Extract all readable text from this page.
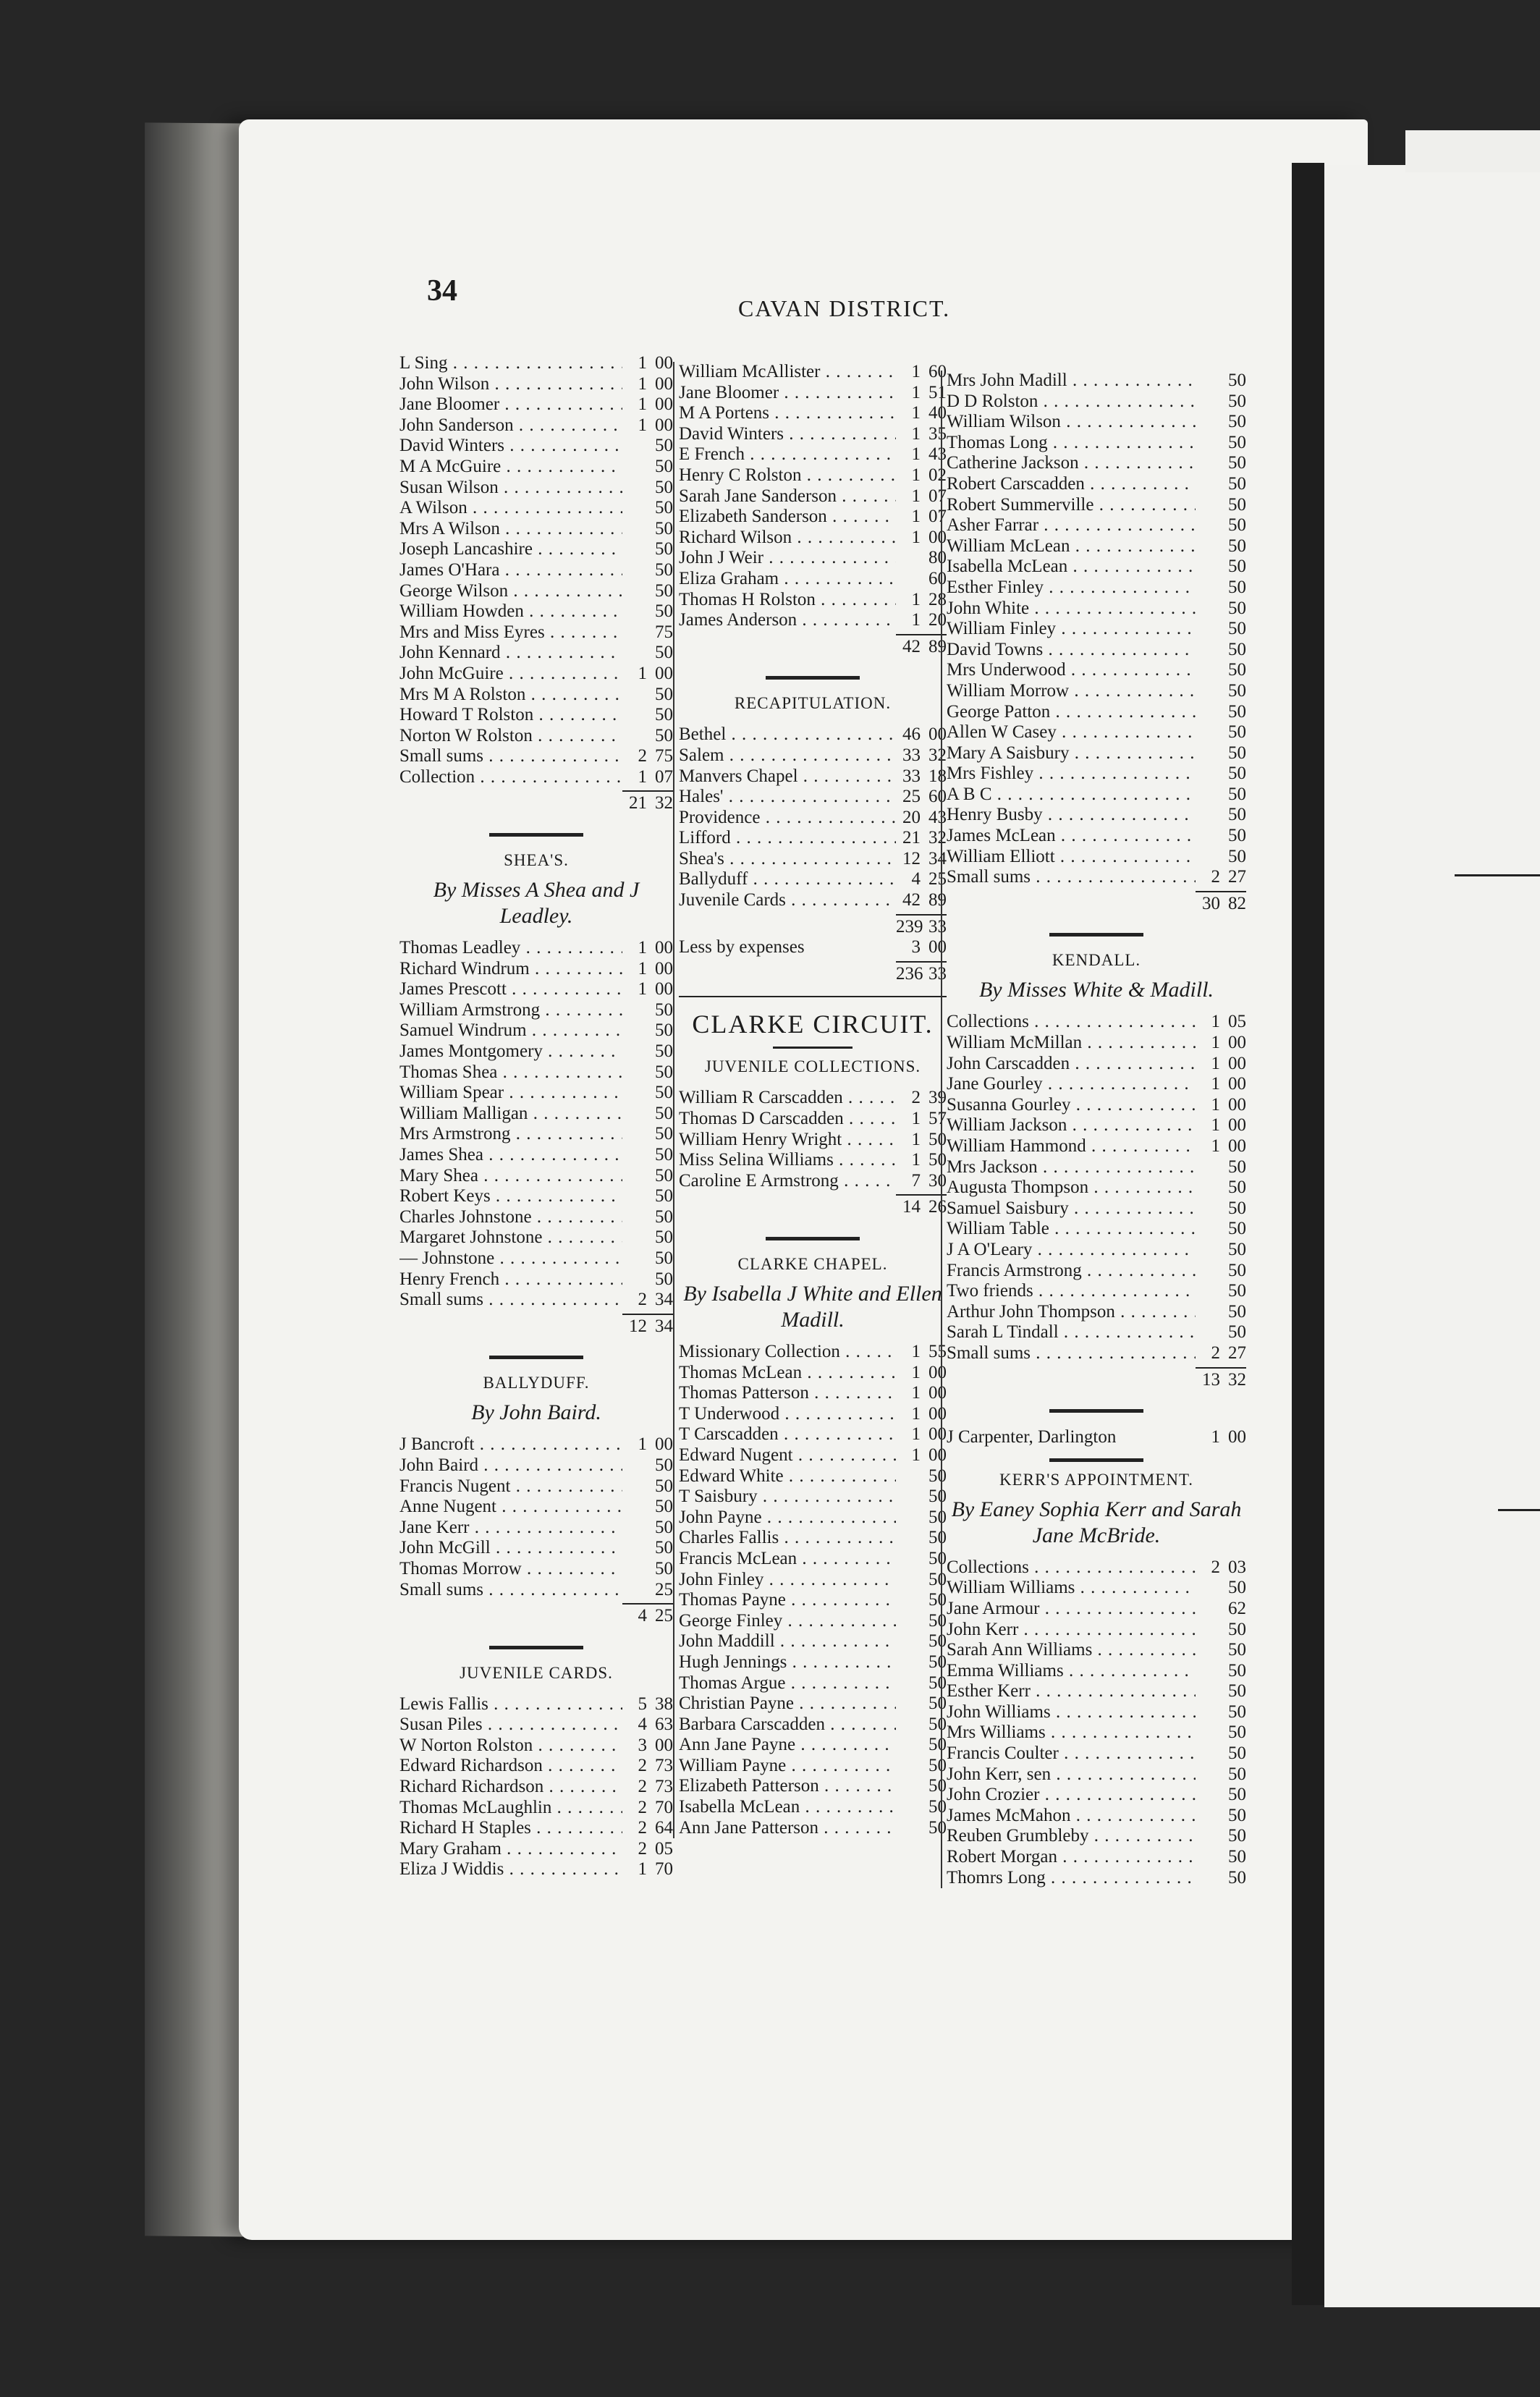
34
CAVAN DISTRICT.
L Sing . . .	1 00
John Wilson . . .	1 00
Jane Bloomer . . .	1 00
John Sanderson . . .	1 00
David Winters . . .	50
M A McGuire . . .	50
Susan Wilson . . .	50
A Wilson . . .	50
Mrs A Wilson . . .	50
Joseph Lancashire . . .	50
James O'Hara . . .	50
George Wilson . . .	50
William Howden . . .	50
Mrs and Miss Eyres . . .	75
John Kennard . . .	50
John McGuire . . .	1 00
Mrs M A Rolston . . .	50
Howard T Rolston . . .	50
Norton W Rolston . . .	50
Small sums . . .	2 75
Collection . . .	1 07
21 32
SHEA'S.
By Misses A Shea and J Leadley.
Thomas Leadley . . .	1 00
Richard Windrum . . .	1 00
James Prescott . . .	1 00
William Armstrong . . .	50
Samuel Windrum . . .	50
James Montgomery . . .	50
Thomas Shea . . .	50
William Spear . . .	50
William Malligan . . .	50
Mrs Armstrong . . .	50
James Shea . . .	50
Mary Shea . . .	50
Robert Keys . . .	50
Charles Johnstone . . .	50
Margaret Johnstone . . .	50
— Johnstone . . .	50
Henry French . . .	50
Small sums . . .	2 34
12 34
BALLYDUFF.
By John Baird.
J Bancroft . . .	1 00
John Baird . . .	50
Francis Nugent . . .	50
Anne Nugent . . .	50
Jane Kerr . . .	50
John McGill . . .	50
Thomas Morrow . . .	50
Small sums . . .	25
4 25
JUVENILE CARDS.
Lewis Fallis . . .	5 38
Susan Piles . . .	4 63
W Norton Rolston . . .	3 00
Edward Richardson . . .	2 73
Richard Richardson . . .	2 73
Thomas McLaughlin . . .	2 70
Richard H Staples . . .	2 64
Mary Graham . . .	2 05
Eliza J Widdis . . .	1 70
William McAllister . . .	1 60
Jane Bloomer . . .	1 51
M A Portens . . .	1 40
David Winters . . .	1 35
E French . . .	1 43
Henry C Rolston . . .	1 02
Sarah Jane Sanderson . . .	1 07
Elizabeth Sanderson . . .	1 07
Richard Wilson . . .	1 00
John J Weir . . .	80
Eliza Graham . . .	60
Thomas H Rolston . . .	1 28
James Anderson . . .	1 20
42 89
RECAPITULATION.
Bethel . . .	46 00
Salem . . .	33 32
Manvers Chapel . . .	33 18
Hales' . . .	25 60
Providence . . .	20 43
Lifford . . .	21 32
Shea's . . .	12 34
Ballyduff . . .	4 25
Juvenile Cards . . .	42 89
239 33
Less by expenses	3 00
236 33
CLARKE CIRCUIT.
JUVENILE COLLECTIONS.
William R Carscadden . . .	2 39
Thomas D Carscadden . . .	1 57
William Henry Wright . . .	1 50
Miss Selina Williams . . .	1 50
Caroline E Armstrong . . .	7 30
14 26
CLARKE CHAPEL.
By Isabella J White and Ellen Madill.
Missionary Collection . . .	1 55
Thomas McLean . . .	1 00
Thomas Patterson . . .	1 00
T Underwood . . .	1 00
T Carscadden . . .	1 00
Edward Nugent . . .	1 00
Edward White . . .	50
T Saisbury . . .	50
John Payne . . .	50
Charles Fallis . . .	50
Francis McLean . . .	50
John Finley . . .	50
Thomas Payne . . .	50
George Finley . . .	50
John Maddill . . .	50
Hugh Jennings . . .	50
Thomas Argue . . .	50
Christian Payne . . .	50
Barbara Carscadden . . .	50
Ann Jane Payne . . .	50
William Payne . . .	50
Elizabeth Patterson . . .	50
Isabella McLean . . .	50
Ann Jane Patterson . . .	50
Mrs John Madill . . .	50
D D Rolston . . .	50
William Wilson . . .	50
Thomas Long . . .	50
Catherine Jackson . . .	50
Robert Carscadden . . .	50
Robert Summerville . . .	50
Asher Farrar . . .	50
William McLean . . .	50
Isabella McLean . . .	50
Esther Finley . . .	50
John White . . .	50
William Finley . . .	50
David Towns . . .	50
Mrs Underwood . . .	50
William Morrow . . .	50
George Patton . . .	50
Allen W Casey . . .	50
Mary A Saisbury . . .	50
Mrs Fishley . . .	50
A B C . . .	50
Henry Busby . . .	50
James McLean . . .	50
William Elliott . . .	50
Small sums . . .	2 27
30 82
KENDALL.
By Misses White & Madill.
Collections . . .	1 05
William McMillan . . .	1 00
John Carscadden . . .	1 00
Jane Gourley . . .	1 00
Susanna Gourley . . .	1 00
William Jackson . . .	1 00
William Hammond . . .	1 00
Mrs Jackson . . .	50
Augusta Thompson . . .	50
Samuel Saisbury . . .	50
William Table . . .	50
J A O'Leary . . .	50
Francis Armstrong . . .	50
Two friends . . .	50
Arthur John Thompson . . .	50
Sarah L Tindall . . .	50
Small sums . . .	2 27
13 32
J Carpenter, Darlington	1 00
KERR'S APPOINTMENT.
By Eaney Sophia Kerr and Sarah Jane McBride.
Collections . . .	2 03
William Williams . . .	50
Jane Armour . . .	62
John Kerr . . .	50
Sarah Ann Williams . . .	50
Emma Williams . . .	50
Esther Kerr . . .	50
John Williams . . .	50
Mrs Williams . . .	50
Francis Coulter . . .	50
John Kerr, sen . . .	50
John Crozier . . .	50
James McMahon . . .	50
Reuben Grumbleby . . .	50
Robert Morgan . . .	50
Thomrs Long . . .	50
